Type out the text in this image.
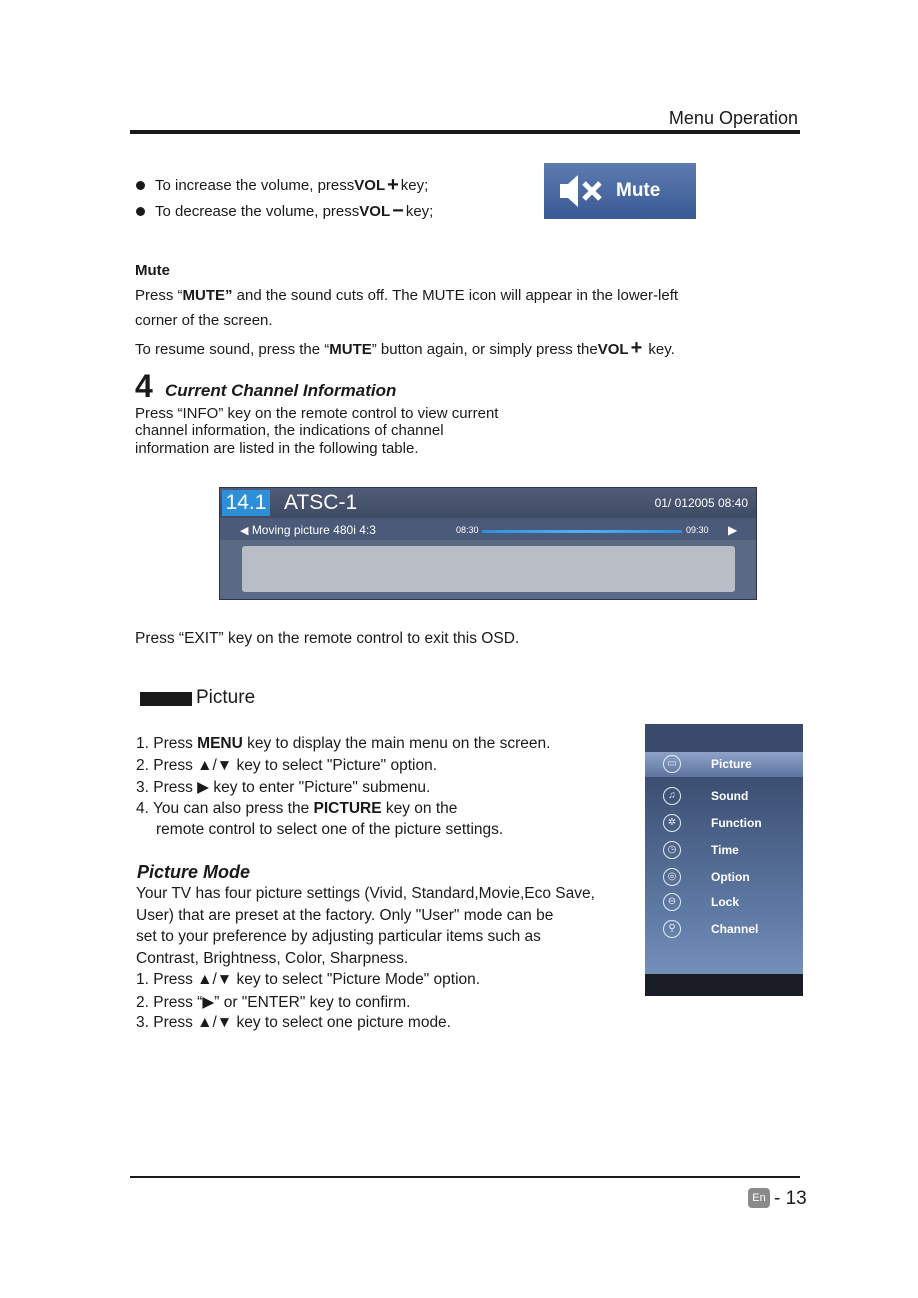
Menu Operation
To increase the volume, press VOL + key;
To decrease the volume, press VOL − key;
Mute
Mute
Press “MUTE” and the sound cuts off. The MUTE icon will appear in the lower-left
corner of the screen.
To resume sound, press the “MUTE” button again, or simply press theVOL + key.
4 Current Channel Information
Press “INFO” key on the remote control to view current
channel information, the indications of channel
information are listed in the following table.
14.1 ATSC-1	01/ 012005 08:40
◀ Moving picture 480i 4:3	08:30	09:30 ▶
Press “EXIT” key on the remote control to exit this OSD.
Picture
1. Press MENU key to display the main menu on the screen.
2. Press ▲/▼ key to select "Picture" option.
3. Press ▶ key to enter "Picture" submenu.
4. You can also press the PICTURE key on the
remote control to select one of the picture settings.
Picture Mode
Your TV has four picture settings (Vivid, Standard,Movie,Eco Save,
User) that are preset at the factory. Only "User" mode can be
set to your preference by adjusting particular items such as
Contrast, Brightness, Color, Sharpness.
1. Press ▲/▼ key to select "Picture Mode" option.
2. Press “▶” or "ENTER" key to confirm.
3. Press ▲/▼ key to select one picture mode.
▭	Picture
♫	Sound
✲	Function
◷	Time
◎	Option
⊖	Lock
⚲	Channel
En - 13
